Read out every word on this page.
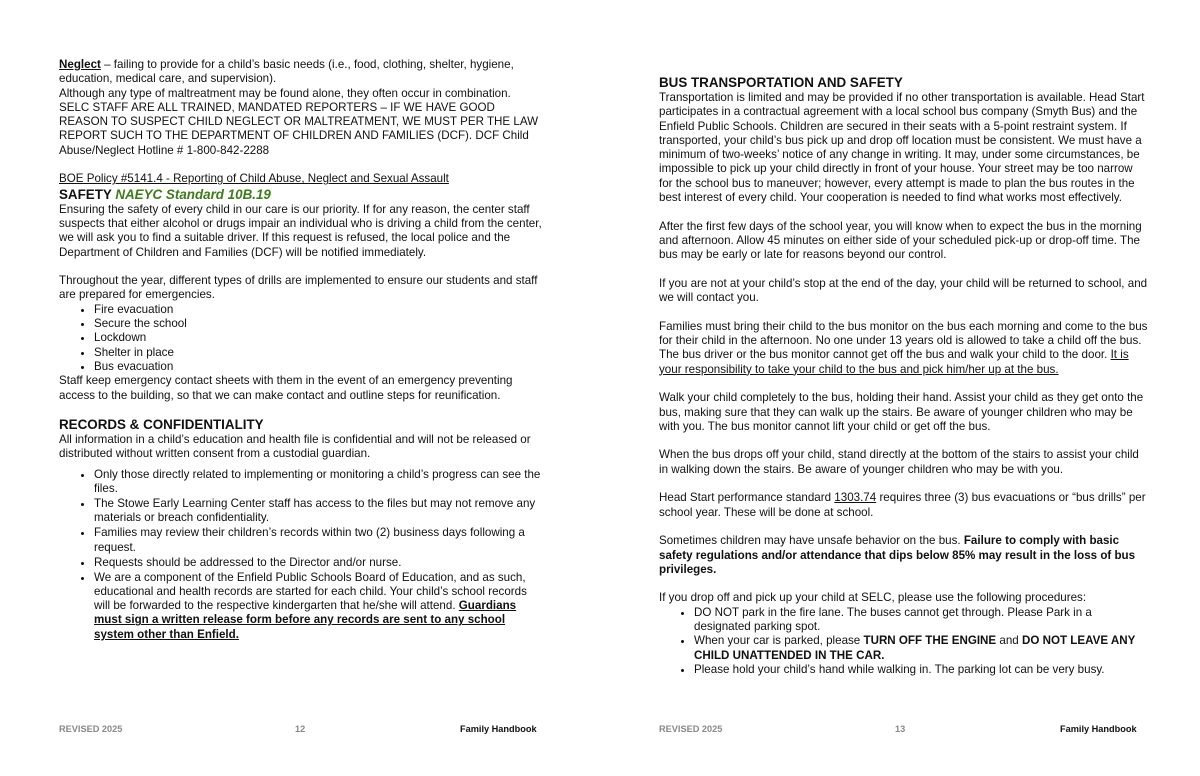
Neglect – failing to provide for a child’s basic needs (i.e., food, clothing, shelter, hygiene, education, medical care, and supervision).

Although any type of maltreatment may be found alone, they often occur in combination.

SELC STAFF ARE ALL TRAINED, MANDATED REPORTERS – IF WE HAVE GOOD REASON TO SUSPECT CHILD NEGLECT OR MALTREATMENT, WE MUST PER THE LAW REPORT SUCH TO THE DEPARTMENT OF CHILDREN AND FAMILIES (DCF). DCF Child Abuse/Neglect Hotline # 1-800-842-2288

BOE Policy #5141.4 - Reporting of Child Abuse, Neglect and Sexual Assault

SAFETY NAEYC Standard 10B.19

Ensuring the safety of every child in our care is our priority. If for any reason, the center staff suspects that either alcohol or drugs impair an individual who is driving a child from the center, we will ask you to find a suitable driver. If this request is refused, the local police and the Department of Children and Families (DCF) will be notified immediately.

Throughout the year, different types of drills are implemented to ensure our students and staff are prepared for emergencies.

• Fire evacuation
• Secure the school
• Lockdown
• Shelter in place
• Bus evacuation

Staff keep emergency contact sheets with them in the event of an emergency preventing access to the building, so that we can make contact and outline steps for reunification.

RECORDS & CONFIDENTIALITY

All information in a child’s education and health file is confidential and will not be released or distributed without written consent from a custodial guardian.

• Only those directly related to implementing or monitoring a child’s progress can see the files.
• The Stowe Early Learning Center staff has access to the files but may not remove any materials or breach confidentiality.
• Families may review their children’s records within two (2) business days following a request.
• Requests should be addressed to the Director and/or nurse.
• We are a component of the Enfield Public Schools Board of Education, and as such, educational and health records are started for each child. Your child’s school records will be forwarded to the respective kindergarten that he/she will attend. Guardians must sign a written release form before any records are sent to any school system other than Enfield.
REVISED 2025	12	Family Handbook
BUS TRANSPORTATION AND SAFETY

Transportation is limited and may be provided if no other transportation is available. Head Start participates in a contractual agreement with a local school bus company (Smyth Bus) and the Enfield Public Schools. Children are secured in their seats with a 5-point restraint system. If transported, your child’s bus pick up and drop off location must be consistent. We must have a minimum of two-weeks’ notice of any change in writing. It may, under some circumstances, be impossible to pick up your child directly in front of your house. Your street may be too narrow for the school bus to maneuver; however, every attempt is made to plan the bus routes in the best interest of every child. Your cooperation is needed to find what works most effectively.

After the first few days of the school year, you will know when to expect the bus in the morning and afternoon. Allow 45 minutes on either side of your scheduled pick-up or drop-off time. The bus may be early or late for reasons beyond our control.

If you are not at your child’s stop at the end of the day, your child will be returned to school, and we will contact you.

Families must bring their child to the bus monitor on the bus each morning and come to the bus for their child in the afternoon. No one under 13 years old is allowed to take a child off the bus. The bus driver or the bus monitor cannot get off the bus and walk your child to the door. It is your responsibility to take your child to the bus and pick him/her up at the bus.

Walk your child completely to the bus, holding their hand. Assist your child as they get onto the bus, making sure that they can walk up the stairs. Be aware of younger children who may be with you. The bus monitor cannot lift your child or get off the bus.

When the bus drops off your child, stand directly at the bottom of the stairs to assist your child in walking down the stairs. Be aware of younger children who may be with you.

Head Start performance standard 1303.74 requires three (3) bus evacuations or “bus drills” per school year. These will be done at school.

Sometimes children may have unsafe behavior on the bus. Failure to comply with basic safety regulations and/or attendance that dips below 85% may result in the loss of bus privileges.

If you drop off and pick up your child at SELC, please use the following procedures:

• DO NOT park in the fire lane. The buses cannot get through. Please Park in a designated parking spot.
• When your car is parked, please TURN OFF THE ENGINE and DO NOT LEAVE ANY CHILD UNATTENDED IN THE CAR.
• Please hold your child’s hand while walking in. The parking lot can be very busy.
REVISED 2025	13	Family Handbook
